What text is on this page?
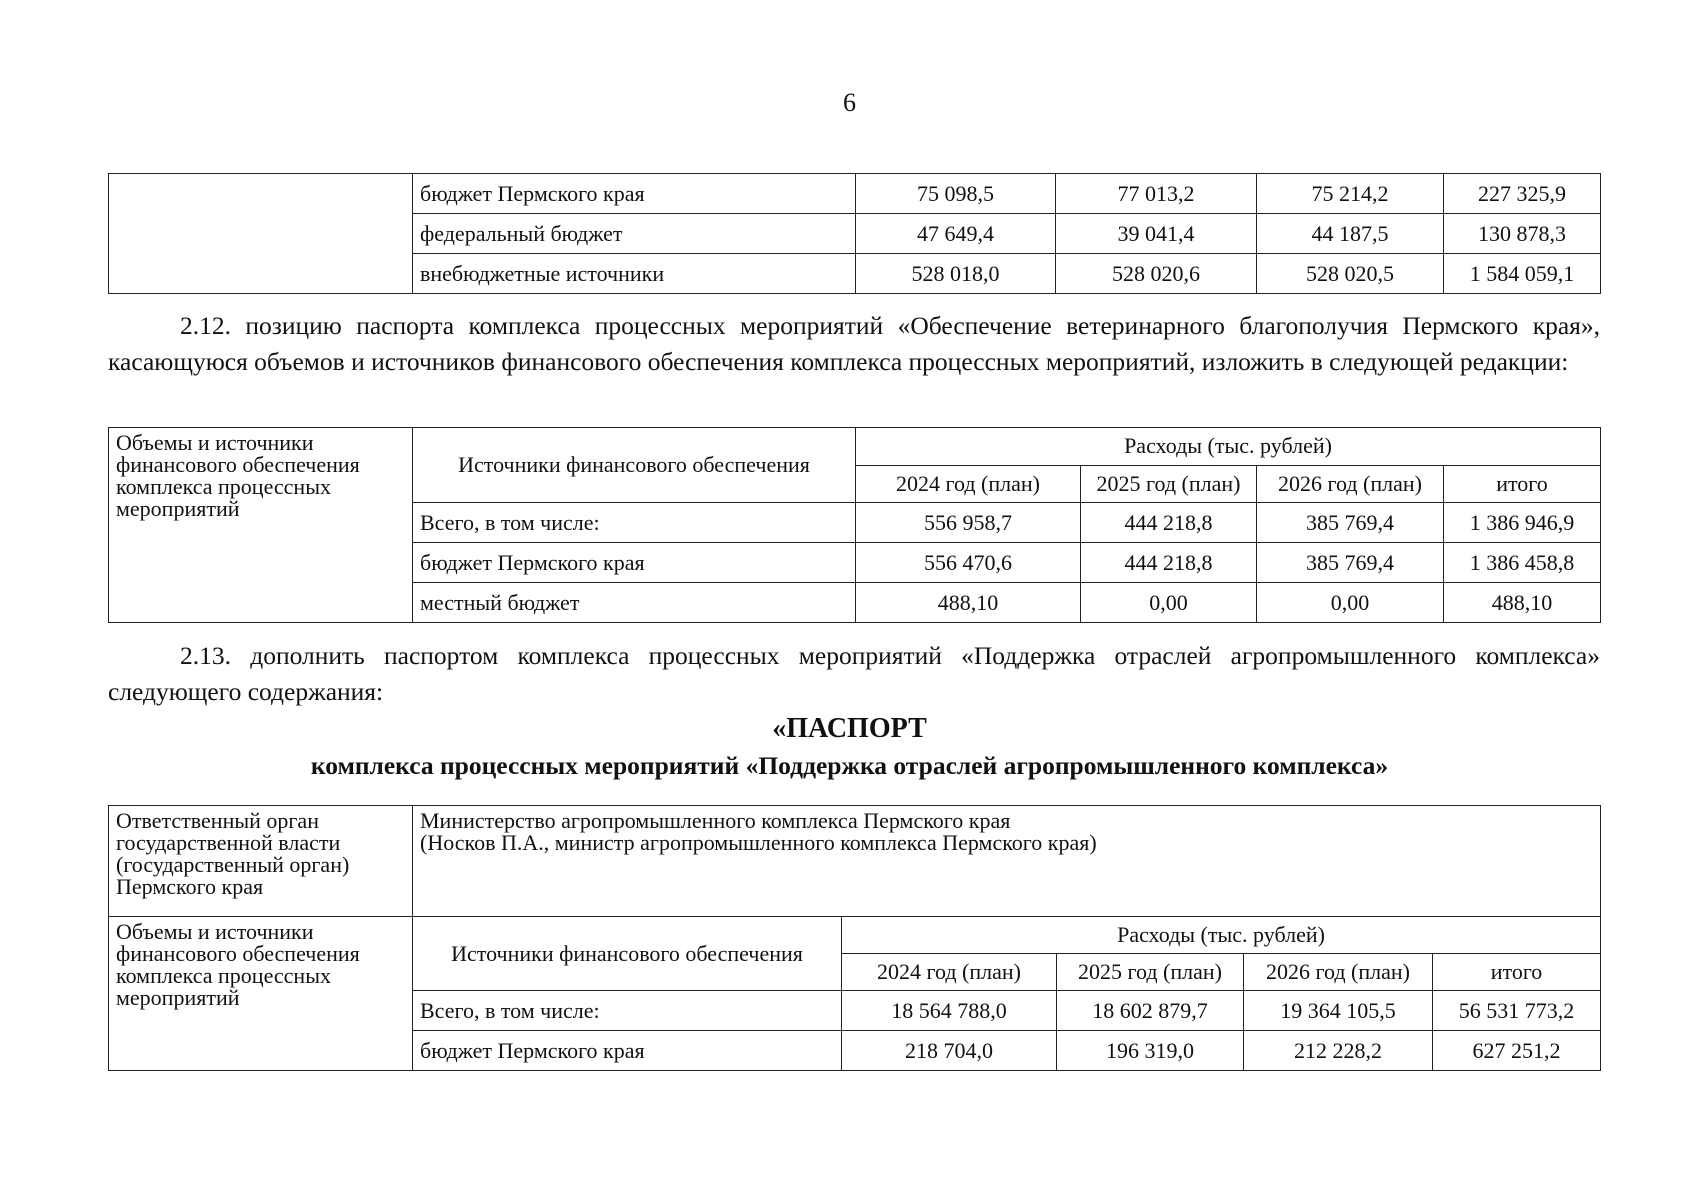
6
	бюджет Пермского края	75 098,5	77 013,2	75 214,2	227 325,9
	федеральный бюджет	47 649,4	39 041,4	44 187,5	130 878,3
	внебюджетные источники	528 018,0	528 020,6	528 020,5	1 584 059,1

2.12. позицию паспорта комплекса процессных мероприятий «Обеспечение ветеринарного благополучия Пермского края», касающуюся объемов и источников финансового обеспечения комплекса процессных мероприятий, изложить в следующей редакции:

Объемы и источники финансового обеспечения комплекса процессных мероприятий	Источники финансового обеспечения	Расходы (тыс. рублей)			
		2024 год (план)	2025 год (план)	2026 год (план)	итого
	Всего, в том числе:	556 958,7	444 218,8	385 769,4	1 386 946,9
	бюджет Пермского края	556 470,6	444 218,8	385 769,4	1 386 458,8
	местный бюджет	488,10	0,00	0,00	488,10

2.13. дополнить паспортом комплекса процессных мероприятий «Поддержка отраслей агропромышленного комплекса» следующего содержания:

«ПАСПОРТ

комплекса процессных мероприятий «Поддержка отраслей агропромышленного комплекса»

Ответственный орган государственной власти (государственный орган) Пермского края	Министерство агропромышленного комплекса Пермского края
(Носков П.А., министр агропромышленного комплекса Пермского края)				

Объемы и источники финансового обеспечения комплекса процессных мероприятий	Источники финансового обеспечения	Расходы (тыс. рублей)			
		2024 год (план)	2025 год (план)	2026 год (план)	итого
	Всего, в том числе:	18 564 788,0	18 602 879,7	19 364 105,5	56 531 773,2
	бюджет Пермского края	218 704,0	196 319,0	212 228,2	627 251,2
